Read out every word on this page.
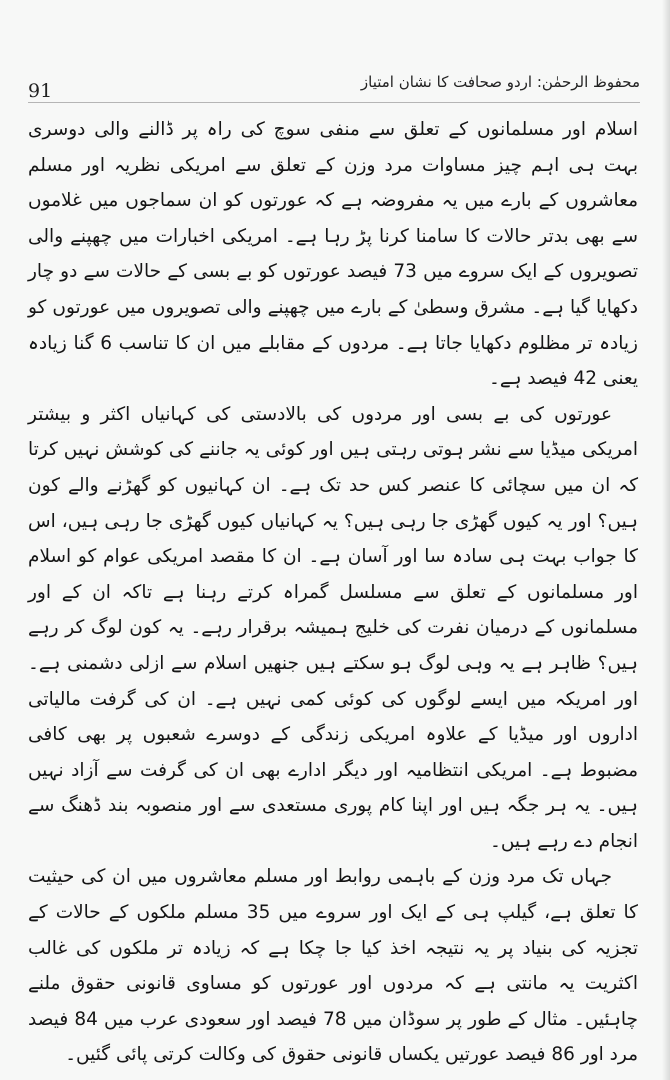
محفوظ الرحمٰن: اردو صحافت کا نشان امتیاز
91

اسلام اور مسلمانوں کے تعلق سے منفی سوچ کی راہ پر ڈالنے والی دوسری بہت ہی اہم چیز مساوات مرد وزن کے تعلق سے امریکی نظریہ اور مسلم معاشروں کے بارے میں یہ مفروضہ ہے کہ عورتوں کو ان سماجوں میں غلاموں سے بھی بدتر حالات کا سامنا کرنا پڑ رہا ہے۔ امریکی اخبارات میں چھپنے والی تصویروں کے ایک سروے میں 73 فیصد عورتوں کو بے بسی کے حالات سے دو چار دکھایا گیا ہے۔ مشرق وسطیٰ کے بارے میں چھپنے والی تصویروں میں عورتوں کو زیادہ تر مظلوم دکھایا جاتا ہے۔ مردوں کے مقابلے میں ان کا تناسب 6 گنا زیادہ یعنی 42 فیصد ہے۔

عورتوں کی بے بسی اور مردوں کی بالادستی کی کہانیاں اکثر و بیشتر امریکی میڈیا سے نشر ہوتی رہتی ہیں اور کوئی یہ جاننے کی کوشش نہیں کرتا کہ ان میں سچائی کا عنصر کس حد تک ہے۔ ان کہانیوں کو گھڑنے والے کون ہیں؟ اور یہ کیوں گھڑی جا رہی ہیں؟ یہ کہانیاں کیوں گھڑی جا رہی ہیں، اس کا جواب بہت ہی سادہ سا اور آسان ہے۔ ان کا مقصد امریکی عوام کو اسلام اور مسلمانوں کے تعلق سے مسلسل گمراہ کرتے رہنا ہے تاکہ ان کے اور مسلمانوں کے درمیان نفرت کی خلیج ہمیشہ برقرار رہے۔ یہ کون لوگ کر رہے ہیں؟ ظاہر ہے یہ وہی لوگ ہو سکتے ہیں جنھیں اسلام سے ازلی دشمنی ہے۔ اور امریکہ میں ایسے لوگوں کی کوئی کمی نہیں ہے۔ ان کی گرفت مالیاتی اداروں اور میڈیا کے علاوہ امریکی زندگی کے دوسرے شعبوں پر بھی کافی مضبوط ہے۔ امریکی انتظامیہ اور دیگر ادارے بھی ان کی گرفت سے آزاد نہیں ہیں۔ یہ ہر جگہ ہیں اور اپنا کام پوری مستعدی سے اور منصوبہ بند ڈھنگ سے انجام دے رہے ہیں۔

جہاں تک مرد وزن کے باہمی روابط اور مسلم معاشروں میں ان کی حیثیت کا تعلق ہے، گیلپ ہی کے ایک اور سروے میں 35 مسلم ملکوں کے حالات کے تجزیہ کی بنیاد پر یہ نتیجہ اخذ کیا جا چکا ہے کہ زیادہ تر ملکوں کی غالب اکثریت یہ مانتی ہے کہ مردوں اور عورتوں کو مساوی قانونی حقوق ملنے چاہئیں۔ مثال کے طور پر سوڈان میں 78 فیصد اور سعودی عرب میں 84 فیصد مرد اور 86 فیصد عورتیں یکساں قانونی حقوق کی وکالت کرتی پائی گئیں۔
